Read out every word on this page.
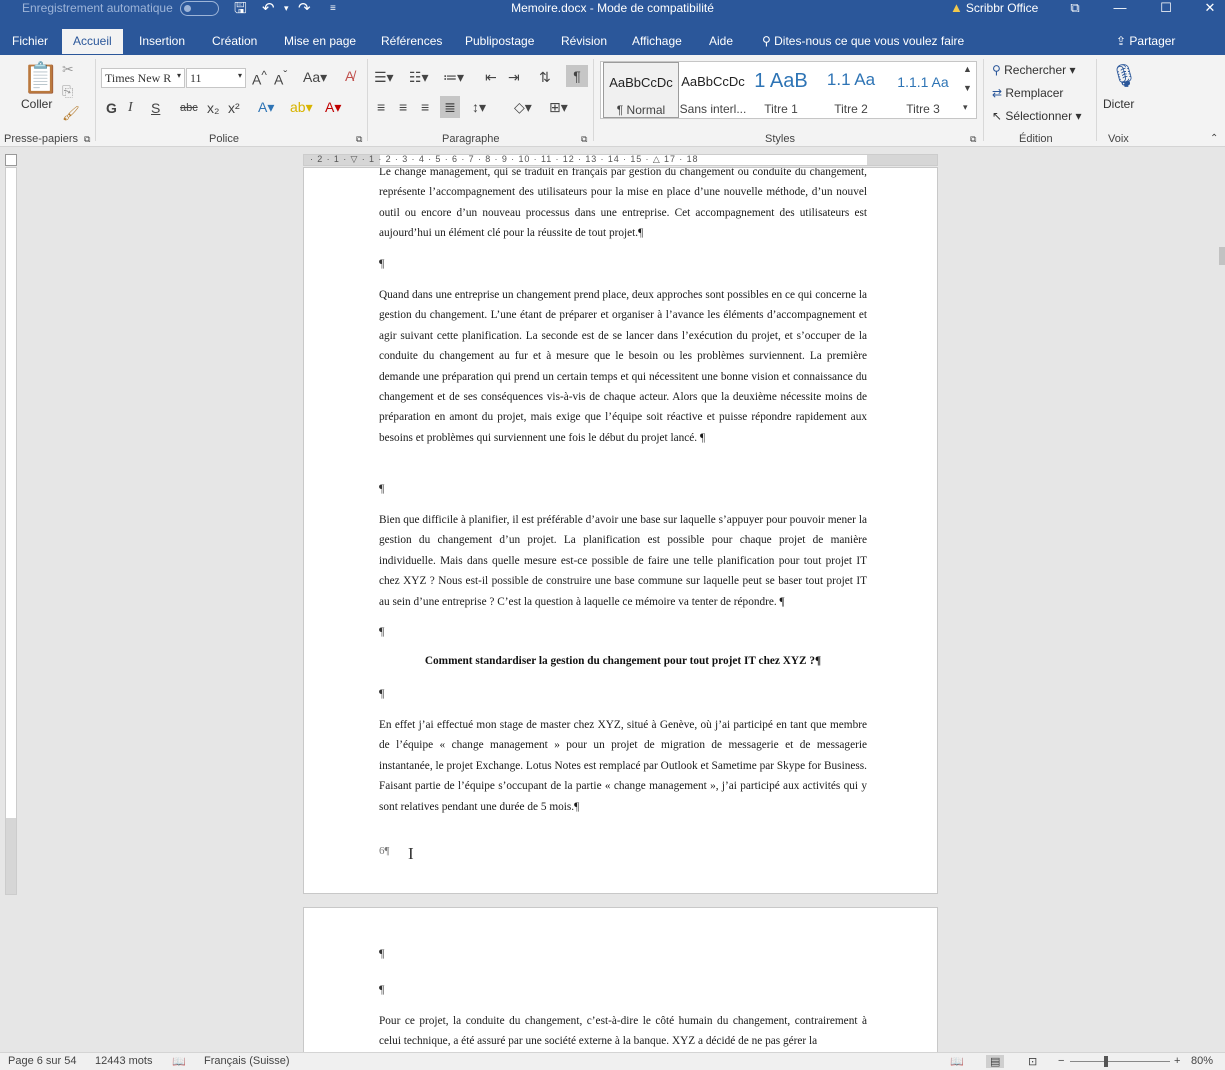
Enregistrement automatique	🖫 ↶ ▾ ↷ ≡	Memoire.docx - Mode de compatibilité	▲ Scribbr Office	⧉	—	☐	✕
Fichier	Accueil	Insertion Création Mise en page Références Publipostage Révision Affichage Aide ⚲ Dites-nous ce que vous voulez faire	⇪ Partager
📋
Coller
✂
⎘
🖌
Presse-papiers ⧉
Times New R ▾ 11	▾ A^ $A^ˇ$ Aa▾ A̸
G I S abc x₂ x² A▾ ab▾ A▾
Police	⧉
☰▾ ☷▾ ≔▾ ⇤ ⇥ ⇅	¶
≡ ≡ ≡ ≣ ↕▾ ◇▾ ⊞▾
Paragraphe	⧉
AaBbCcDc
¶ Normal
AaBbCcDc
Sans interl...
1 AaB
Titre 1
1.1 Aa
Titre 2
1.1.1 Aa
Titre 3
▲
▼
▾
Styles	⧉
⚲ Rechercher ▾
⇄ Remplacer
↖ Sélectionner ▾
Édition
🎙
Dicter
Voix	⌃
· 2 · 1 · ▽ · 1 · 2 · 3 · 4 · 5 · 6 · 7 · 8 · 9 · 10 · 11 · 12 · 13 · 14 · 15 · △ 17 · 18
Le change management, qui se traduit en français par gestion du changement ou conduite du changement, représente l’accompagnement des utilisateurs pour la mise en place d’une nouvelle méthode, d’un nouvel outil ou encore d’un nouveau processus dans une entreprise. Cet accompagnement des utilisateurs est aujourd’hui un élément clé pour la réussite de tout projet.¶
¶
Quand dans une entreprise un changement prend place, deux approches sont possibles en ce qui concerne la gestion du changement. L’une étant de préparer et organiser à l’avance les éléments d’accompagnement et agir suivant cette planification. La seconde est de se lancer dans l’exécution du projet, et s’occuper de la conduite du changement au fur et à mesure que le besoin ou les problèmes surviennent. La première demande une préparation qui prend un certain temps et qui nécessitent une bonne vision et connaissance du changement et de ses conséquences vis-à-vis de chaque acteur. Alors que la deuxième nécessite moins de préparation en amont du projet, mais exige que l’équipe soit réactive et puisse répondre rapidement aux besoins et problèmes qui surviennent une fois le début du projet lancé. ¶
¶
Bien que difficile à planifier, il est préférable d’avoir une base sur laquelle s’appuyer pour pouvoir mener la gestion du changement d’un projet. La planification est possible pour chaque projet de manière individuelle. Mais dans quelle mesure est-ce possible de faire une telle planification pour tout projet IT chez XYZ ? Nous est-il possible de construire une base commune sur laquelle peut se baser tout projet IT au sein d’une entreprise ? C’est la question à laquelle ce mémoire va tenter de répondre. ¶
¶
Comment standardiser la gestion du changement pour tout projet IT chez XYZ ?¶
¶
En effet j’ai effectué mon stage de master chez XYZ, situé à Genève, où j’ai participé en tant que membre de l’équipe « change management » pour un projet de migration de messagerie et de messagerie instantanée, le projet Exchange. Lotus Notes est remplacé par Outlook et Sametime par Skype for Business. Faisant partie de l’équipe s’occupant de la partie « change management », j’ai participé aux activités qui y sont relatives pendant une durée de 5 mois.¶
6¶ I
¶
¶
Pour ce projet, la conduite du changement, c’est-à-dire le côté humain du changement, contrairement à celui technique, a été assuré par une société externe à la banque. XYZ a décidé de ne pas gérer la
Page 6 sur 54 12443 mots 📖 Français (Suisse)	📖	▤	⊡ −	+ 80%
